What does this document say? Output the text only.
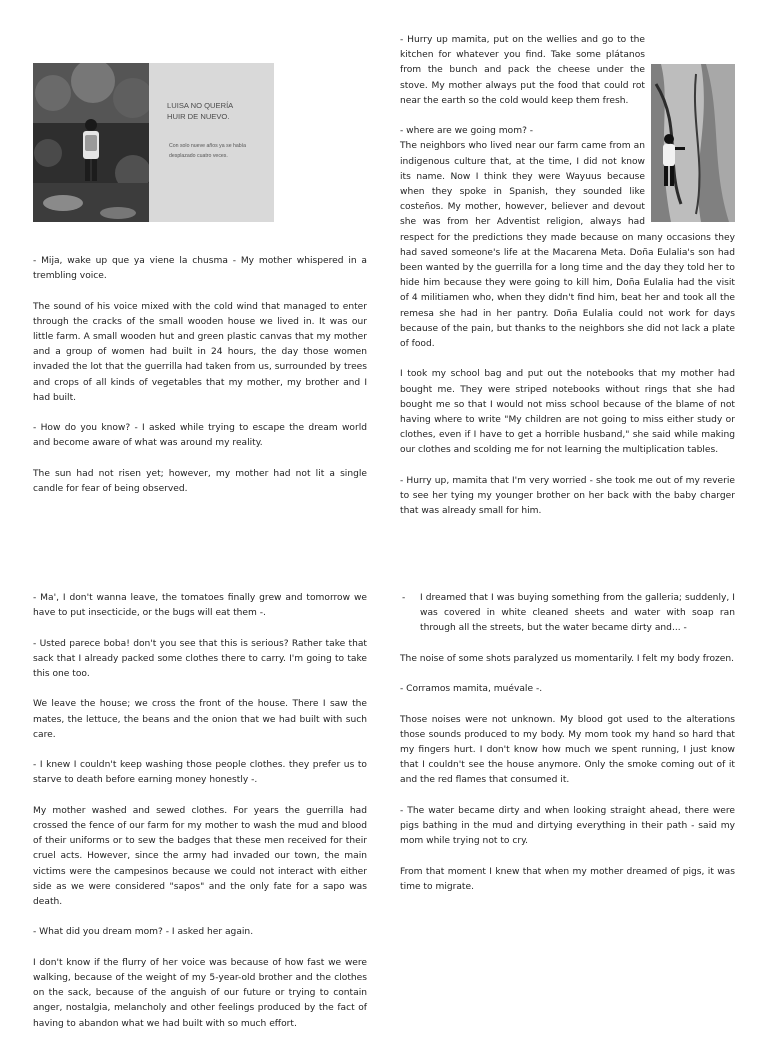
LUISA NO QUERÍA
HUIR DE NUEVO.
Con solo nueve años ya se había desplazado cuatro veces.

- Mija, wake up que ya viene la chusma - My mother whispered in a trembling voice.

The sound of his voice mixed with the cold wind that managed to enter through the cracks of the small wooden house we lived in. It was our little farm. A small wooden hut and green plastic canvas that my mother and a group of women had built in 24 hours, the day those women invaded the lot that the guerrilla had taken from us, surrounded by trees and crops of all kinds of vegetables that my mother, my brother and I had built.

- How do you know? - I asked while trying to escape the dream world and become aware of what was around my reality.

The sun had not risen yet; however, my mother had not lit a single candle for fear of being observed.

- Hurry up mamita, put on the wellies and go to the kitchen for whatever you find. Take some plátanos from the bunch and pack the cheese under the stove. My mother always put the food that could rot near the earth so the cold would keep them fresh.

- where are we going mom? -
The neighbors who lived near our farm came from an indigenous culture that, at the time, I did not know its name. Now I think they were Wayuus because when they spoke in Spanish, they sounded like costeños. My mother, however, believer and devout she was from her Adventist religion, always had respect for the predictions they made because on many occasions they had saved someone's life at the Macarena Meta. Doña Eulalia's son had been wanted by the guerrilla for a long time and the day they told her to hide him because they were going to kill him, Doña Eulalia had the visit of 4 militiamen who, when they didn't find him, beat her and took all the remesa she had in her pantry. Doña Eulalia could not work for days because of the pain, but thanks to the neighbors she did not lack a plate of food.

I took my school bag and put out the notebooks that my mother had bought me. They were striped notebooks without rings that she had bought me so that I would not miss school because of the blame of not having where to write "My children are not going to miss either study or clothes, even if I have to get a horrible husband," she said while making our clothes and scolding me for not learning the multiplication tables.

- Hurry up, mamita that I'm very worried - she took me out of my reverie to see her tying my younger brother on her back with the baby charger that was already small for him.

- Ma', I don't wanna leave, the tomatoes finally grew and tomorrow we have to put insecticide, or the bugs will eat them -.

- Usted parece boba! don't you see that this is serious? Rather take that sack that I already packed some clothes there to carry. I'm going to take this one too.

We leave the house; we cross the front of the house. There I saw the mates, the lettuce, the beans and the onion that we had built with such care.

- I knew I couldn't keep washing those people clothes. they prefer us to starve to death before earning money honestly -.

My mother washed and sewed clothes. For years the guerrilla had crossed the fence of our farm for my mother to wash the mud and blood of their uniforms or to sew the badges that these men received for their cruel acts. However, since the army had invaded our town, the main victims were the campesinos because we could not interact with either side as we were considered "sapos" and the only fate for a sapo was death.

- What did you dream mom? - I asked her again.

I don't know if the flurry of her voice was because of how fast we were walking, because of the weight of my 5-year-old brother and the clothes on the sack, because of the anguish of our future or trying to contain anger, nostalgia, melancholy and other feelings produced by the fact of having to abandon what we had built with so much effort.

- I dreamed that I was buying something from the galleria; suddenly, I was covered in white cleaned sheets and water with soap ran through all the streets, but the water became dirty and... -

The noise of some shots paralyzed us momentarily. I felt my body frozen.

- Corramos mamita, muévale -.

Those noises were not unknown. My blood got used to the alterations those sounds produced to my body. My mom took my hand so hard that my fingers hurt. I don't know how much we spent running, I just know that I couldn't see the house anymore. Only the smoke coming out of it and the red flames that consumed it.

- The water became dirty and when looking straight ahead, there were pigs bathing in the mud and dirtying everything in their path - said my mom while trying not to cry.

From that moment I knew that when my mother dreamed of pigs, it was time to migrate.
